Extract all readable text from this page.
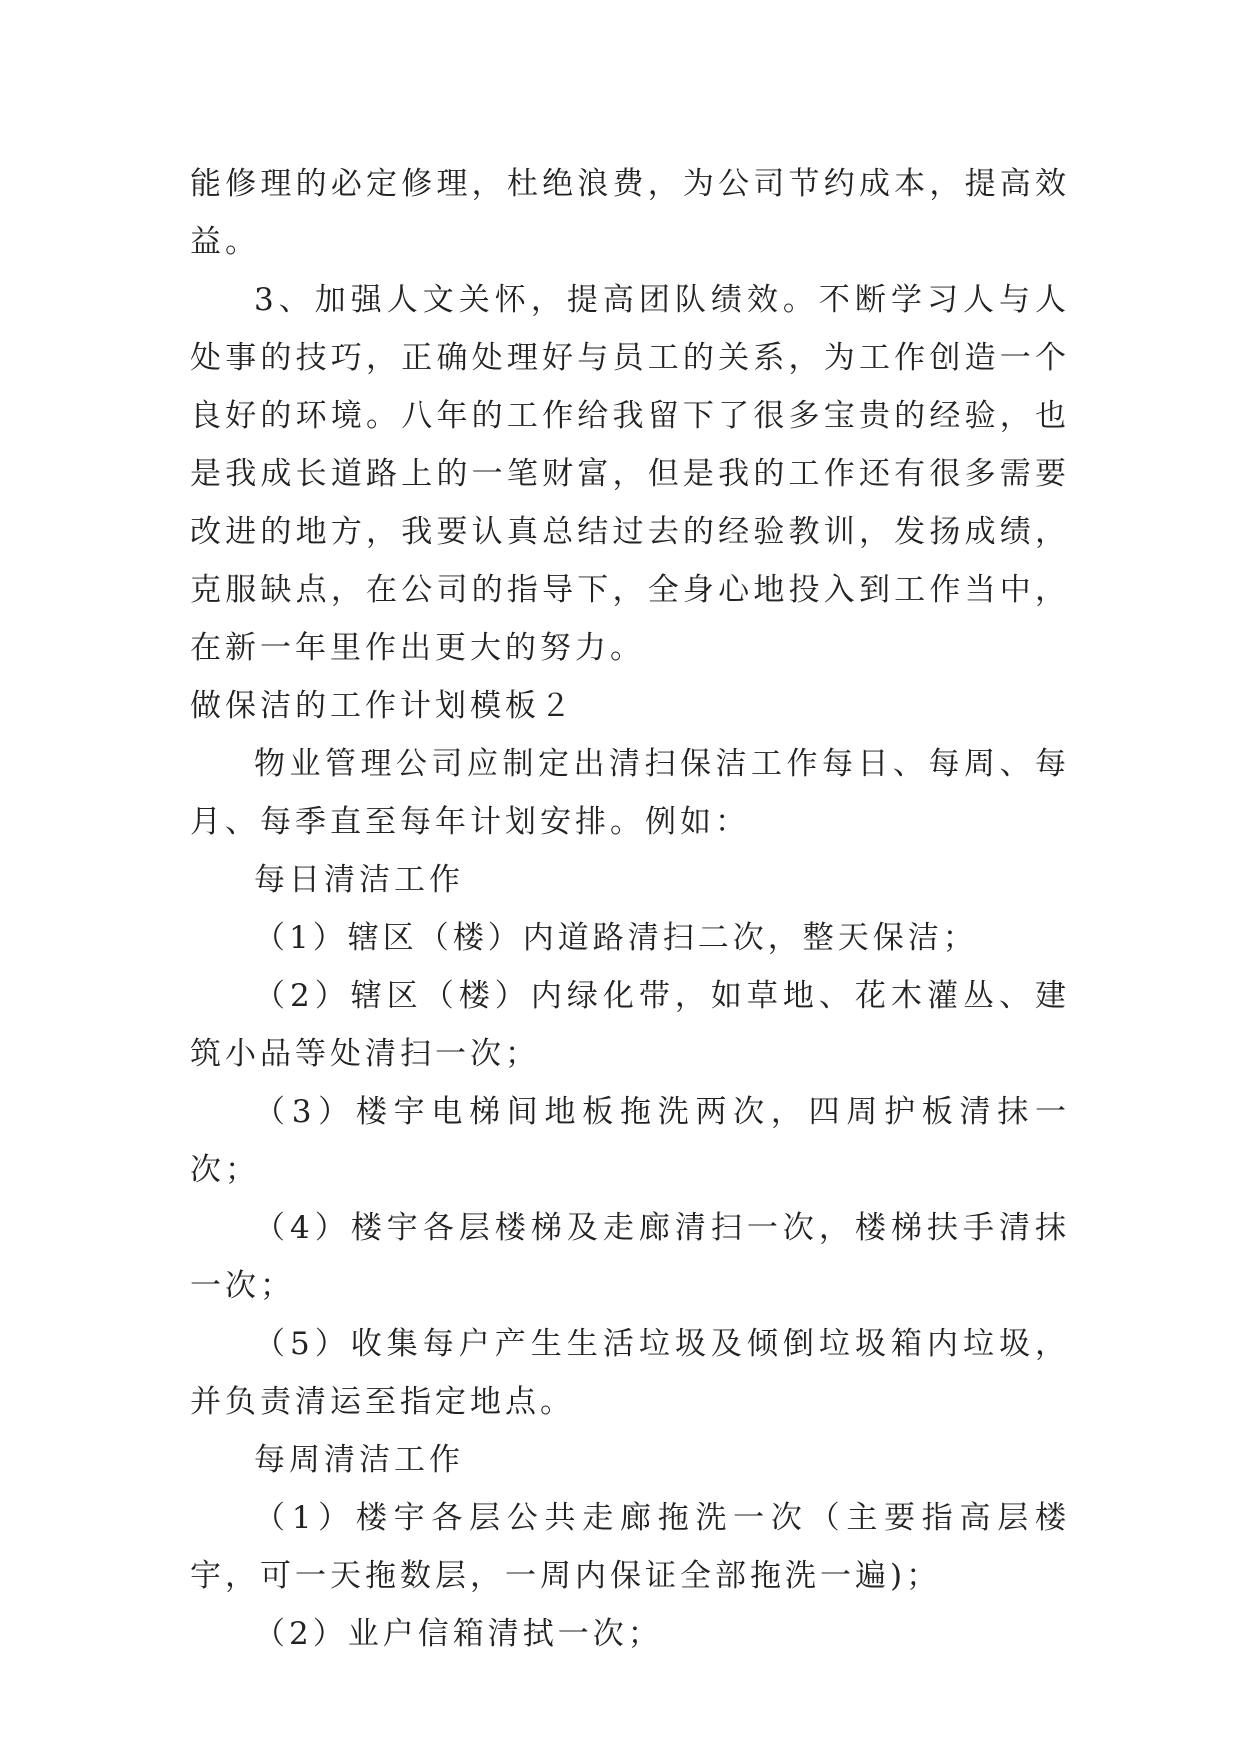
能修理的必定修理，杜绝浪费，为公司节约成本，提高效益。

3、加强人文关怀，提高团队绩效。不断学习人与人处事的技巧，正确处理好与员工的关系，为工作创造一个良好的环境。八年的工作给我留下了很多宝贵的经验，也是我成长道路上的一笔财富，但是我的工作还有很多需要改进的地方，我要认真总结过去的经验教训，发扬成绩，克服缺点，在公司的指导下，全身心地投入到工作当中，在新一年里作出更大的努力。

做保洁的工作计划模板２

物业管理公司应制定出清扫保洁工作每日、每周、每月、每季直至每年计划安排。例如：

每日清洁工作

（1）辖区（楼）内道路清扫二次，整天保洁；

（2）辖区（楼）内绿化带，如草地、花木灌丛、建筑小品等处清扫一次；

（3）楼宇电梯间地板拖洗两次，四周护板清抹一次；

（4）楼宇各层楼梯及走廊清扫一次，楼梯扶手清抹一次；

（5）收集每户产生生活垃圾及倾倒垃圾箱内垃圾，并负责清运至指定地点。

每周清洁工作

（1）楼宇各层公共走廊拖洗一次（主要指高层楼宇，可一天拖数层，一周内保证全部拖洗一遍)；

（2）业户信箱清拭一次；
